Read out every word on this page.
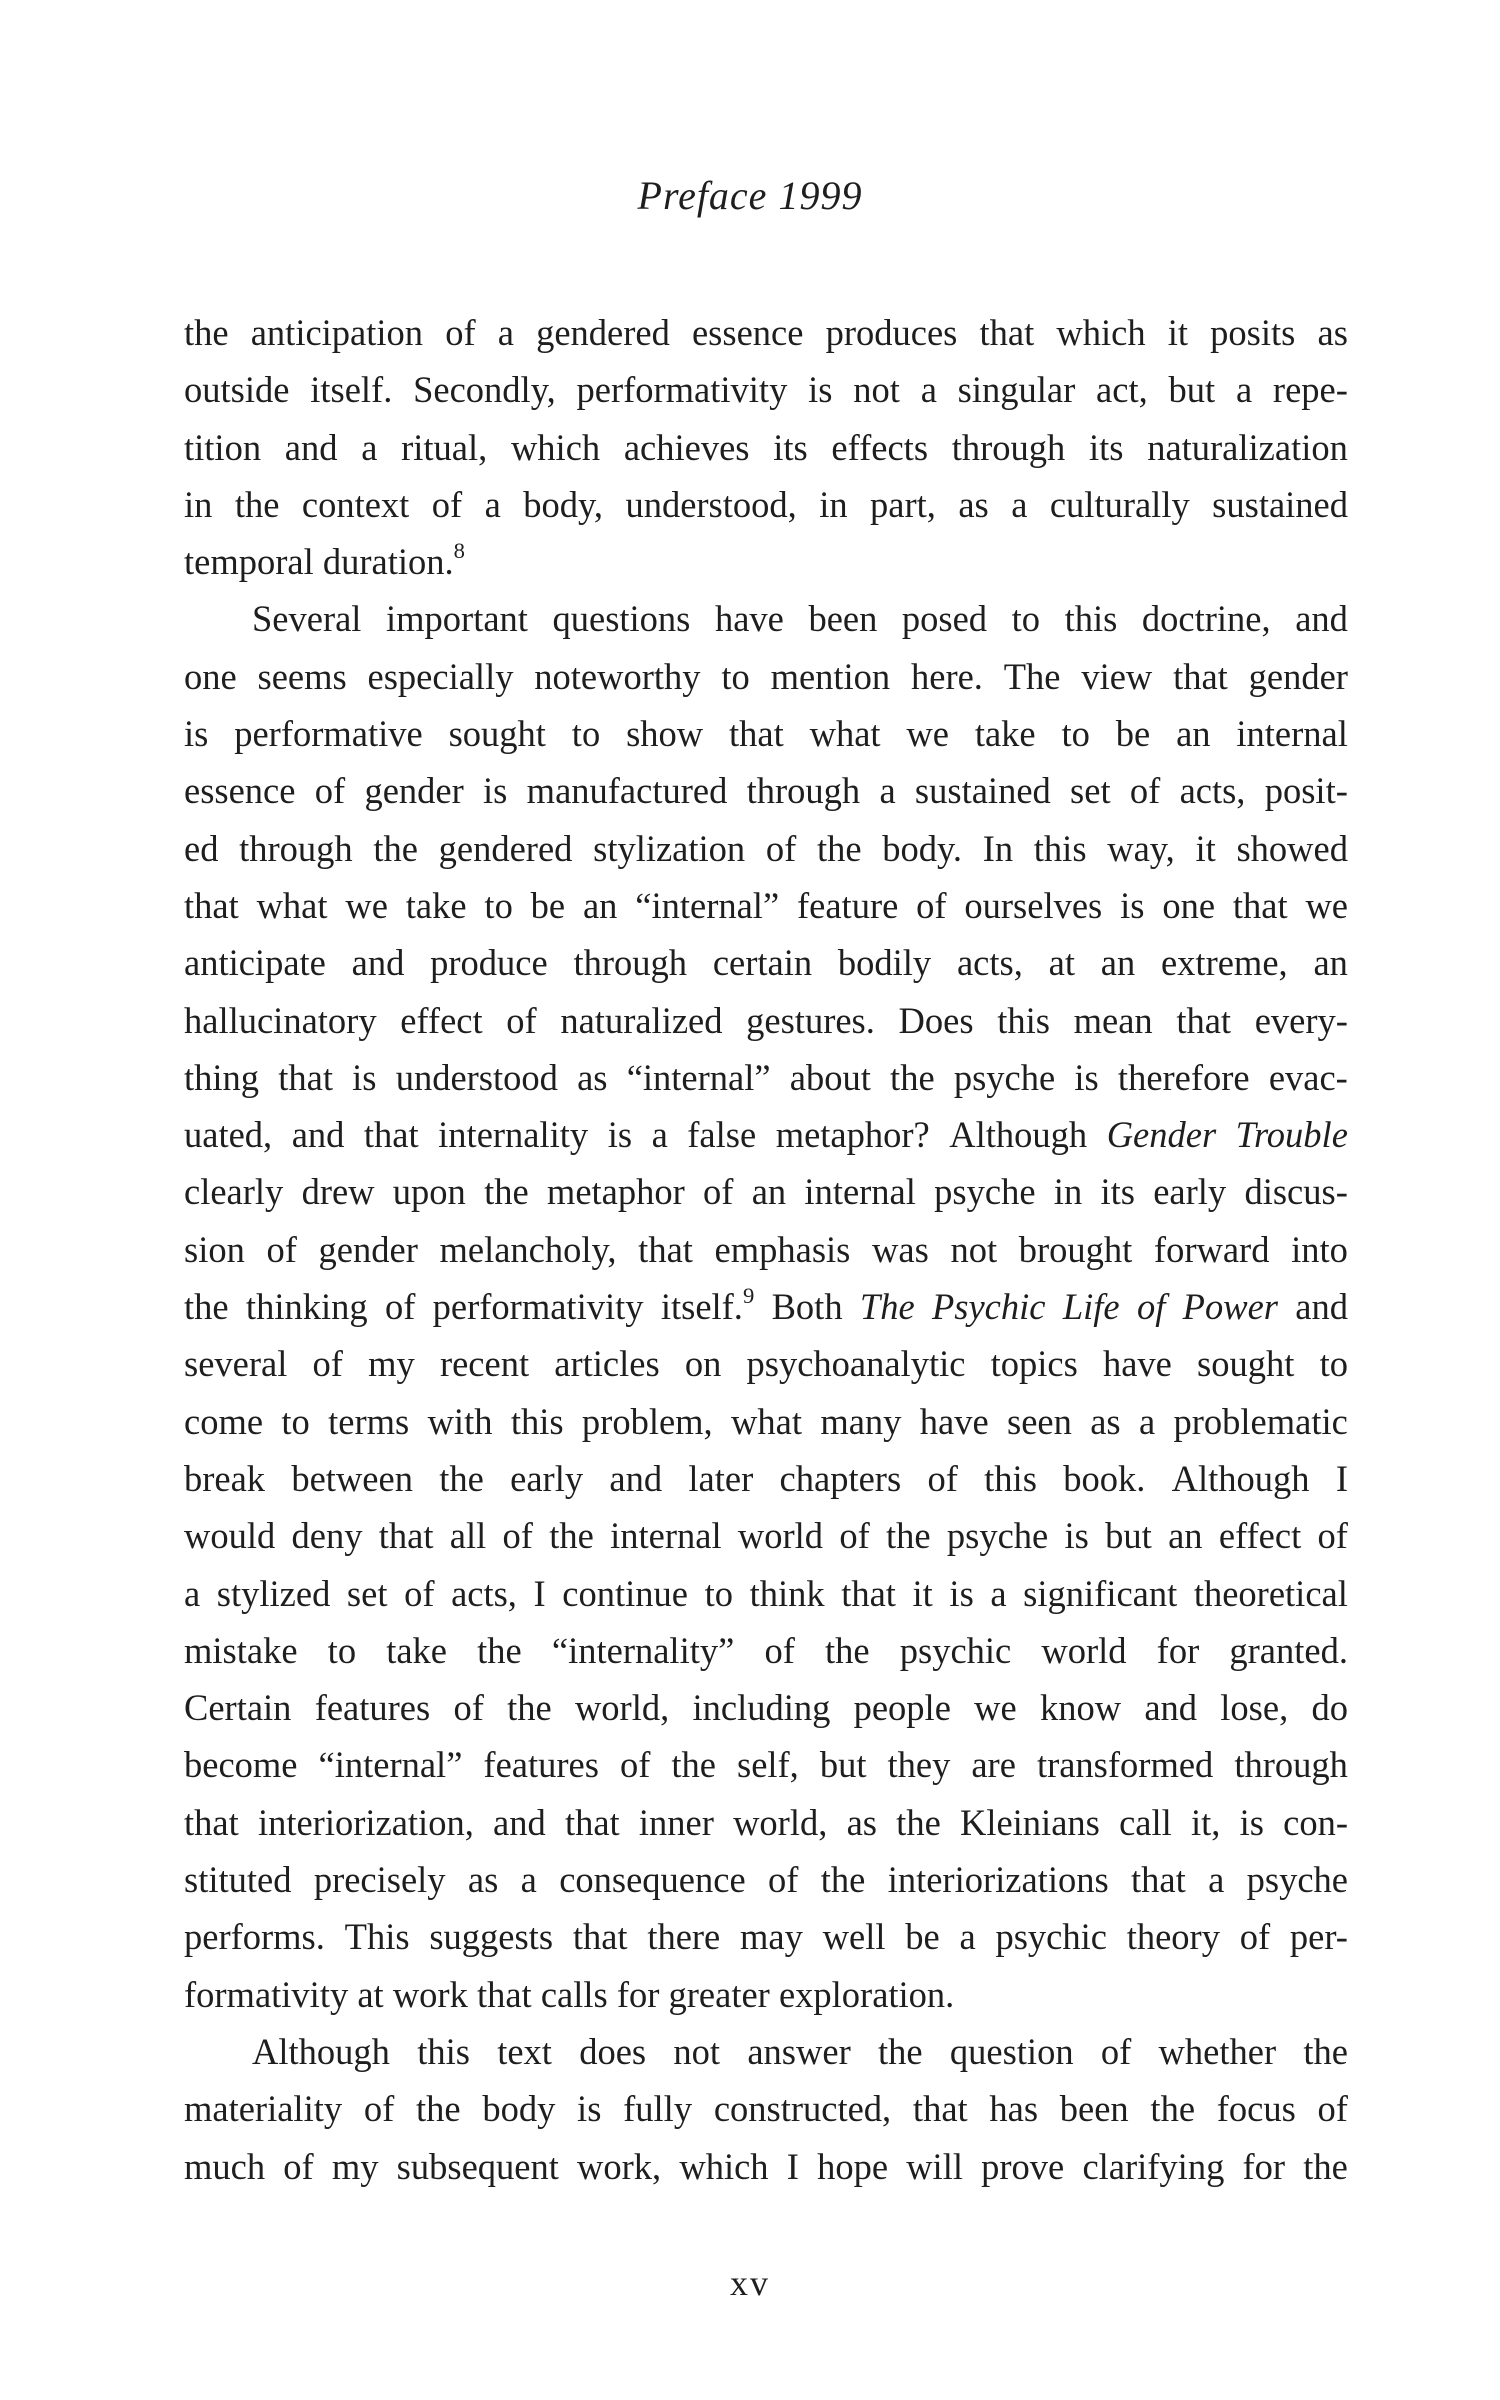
Preface 1999
the anticipation of a gendered essence produces that which it posits as
outside itself. Secondly, performativity is not a singular act, but a repe-
tition and a ritual, which achieves its effects through its naturalization
in the context of a body, understood, in part, as a culturally sustained
temporal duration.$^8$
Several important questions have been posed to this doctrine, and
one seems especially noteworthy to mention here. The view that gender
is performative sought to show that what we take to be an internal
essence of gender is manufactured through a sustained set of acts, posit-
ed through the gendered stylization of the body. In this way, it showed
that what we take to be an “internal” feature of ourselves is one that we
anticipate and produce through certain bodily acts, at an extreme, an
hallucinatory effect of naturalized gestures. Does this mean that every-
thing that is understood as “internal” about the psyche is therefore evac-
uated, and that internality is a false metaphor? Although Gender Trouble
clearly drew upon the metaphor of an internal psyche in its early discus-
sion of gender melancholy, that emphasis was not brought forward into
the thinking of performativity itself.$^9$ Both The Psychic Life of Power and
several of my recent articles on psychoanalytic topics have sought to
come to terms with this problem, what many have seen as a problematic
break between the early and later chapters of this book. Although I
would deny that all of the internal world of the psyche is but an effect of
a stylized set of acts, I continue to think that it is a significant theoretical
mistake to take the “internality” of the psychic world for granted.
Certain features of the world, including people we know and lose, do
become “internal” features of the self, but they are transformed through
that interiorization, and that inner world, as the Kleinians call it, is con-
stituted precisely as a consequence of the interiorizations that a psyche
performs. This suggests that there may well be a psychic theory of per-
formativity at work that calls for greater exploration.
Although this text does not answer the question of whether the
materiality of the body is fully constructed, that has been the focus of
much of my subsequent work, which I hope will prove clarifying for the
xv
